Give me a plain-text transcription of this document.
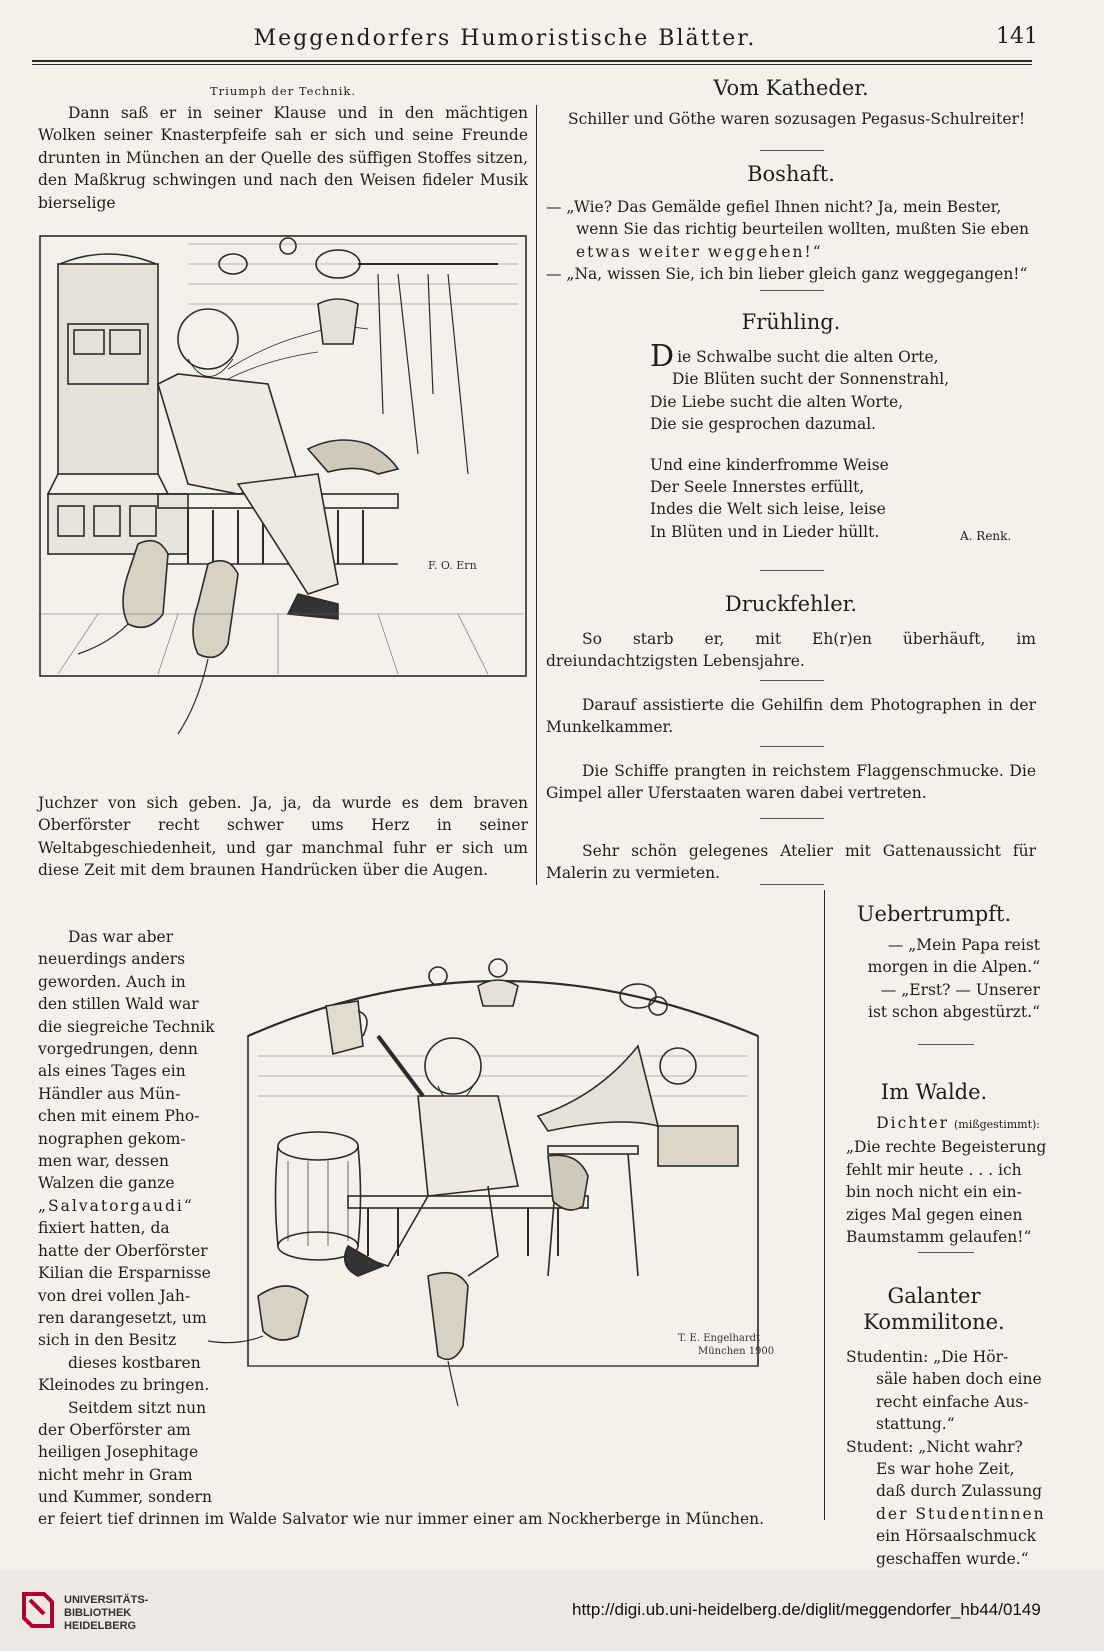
Meggendorfers Humoristische Blätter.	141
Triumph der Technik.
Dann saß er in seiner Klause und in den mächtigen Wolken seiner Knasterpfeife sah er sich und seine Freunde drunten in München an der Quelle des süffigen Stoffes sitzen, den Maßkrug schwingen und nach den Weisen fideler Musik bierselige
F. O. Ern
Juchzer von sich geben. Ja, ja, da wurde es dem braven Oberförster recht schwer ums Herz in seiner Weltabgeschiedenheit, und gar manchmal fuhr er sich um diese Zeit mit dem braunen Handrücken über die Augen.
Das war aber
neuerdings anders
geworden. Auch in
den stillen Wald war
die siegreiche Technik
vorgedrungen, denn
als eines Tages ein
Händler aus Mün-
chen mit einem Pho-
nographen gekom-
men war, dessen
Walzen die ganze
„Salvatorgaudi“
fixiert hatten, da
hatte der Oberförster
Kilian die Ersparnisse
von drei vollen Jah-
ren darangesetzt, um
sich in den Besitz
dieses kostbaren
Kleinodes zu bringen.
Seitdem sitzt nun
der Oberförster am
heiligen Josephitage
nicht mehr in Gram
und Kummer, sondern
T. E. Engelhardt
München 1900
er feiert tief drinnen im Walde Salvator wie nur immer einer am Nockherberge in München.
Vom Katheder.
Schiller und Göthe waren sozusagen Pegasus-Schulreiter!
Boshaft.
— „Wie? Das Gemälde gefiel Ihnen nicht? Ja, mein Bester,
wenn Sie das richtig beurteilen wollten, mußten Sie eben
etwas weiter weggehen!“
— „Na, wissen Sie, ich bin lieber gleich ganz weggegangen!“
Frühling.
Die Schwalbe sucht die alten Orte,
Die Blüten sucht der Sonnenstrahl,
Die Liebe sucht die alten Worte,
Die sie gesprochen dazumal.
Und eine kinderfromme Weise
Der Seele Innerstes erfüllt,
Indes die Welt sich leise, leise
In Blüten und in Lieder hüllt.	A. Renk.
Druckfehler.
So starb er, mit Eh(r)en überhäuft, im dreiundachtzigsten Lebensjahre.
Darauf assistierte die Gehilfin dem Photographen in der Munkelkammer.
Die Schiffe prangten in reichstem Flaggenschmucke. Die Gimpel aller Uferstaaten waren dabei vertreten.
Sehr schön gelegenes Atelier mit Gattenaussicht für Malerin zu vermieten.
Uebertrumpft.
— „Mein Papa reist
morgen in die Alpen.“
— „Erst? — Unserer
ist schon abgestürzt.“
Im Walde.
Dichter (mißgestimmt):
„Die rechte Begeisterung
fehlt mir heute . . . ich
bin noch nicht ein ein-
ziges Mal gegen einen
Baumstamm gelaufen!“
Galanter
Kommilitone.
Studentin: „Die Hör-
säle haben doch eine
recht einfache Aus-
stattung.“
Student: „Nicht wahr?
Es war hohe Zeit,
daß durch Zulassung
der Studentinnen
ein Hörsaalschmuck
geschaffen wurde.“
UNIVERSITÄTS-
BIBLIOTHEK
HEIDELBERG
http://digi.ub.uni-heidelberg.de/diglit/meggendorfer_hb44/0149
